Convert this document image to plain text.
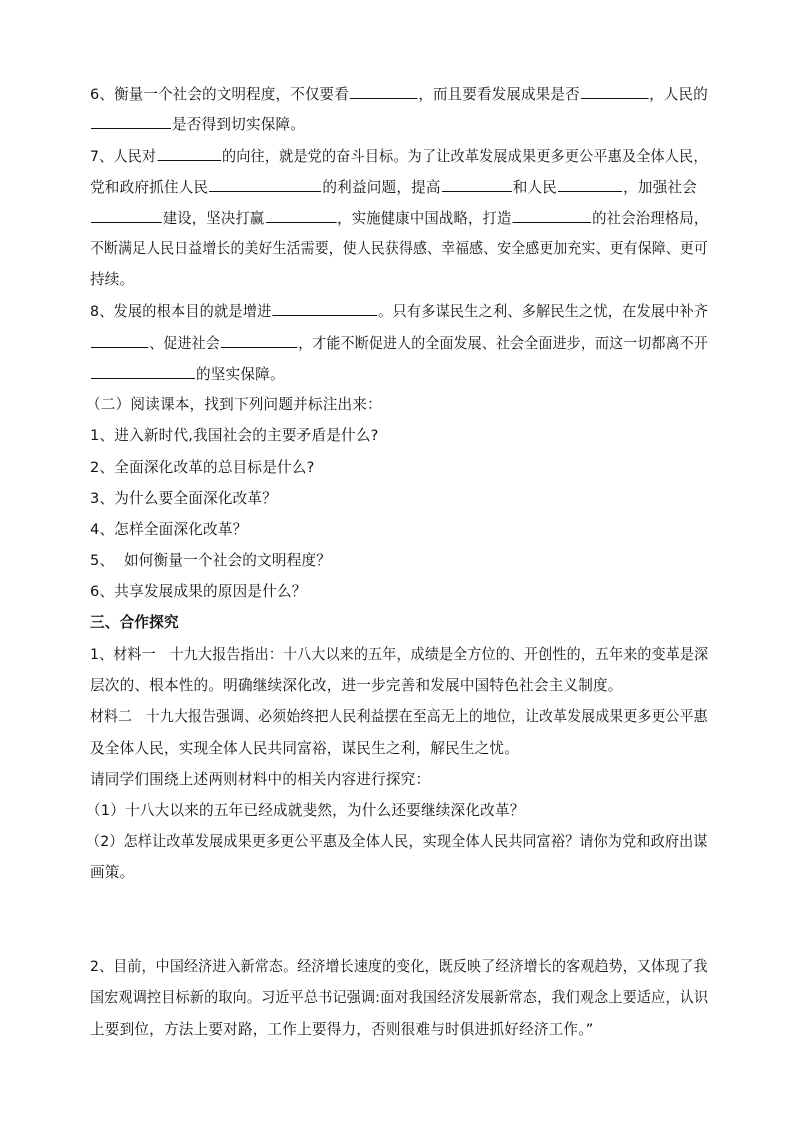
6、衡量一个社会的文明程度，不仅要看	，而且要看发展成果是否	，人民的
是否得到切实保障。
7、人民对	的向往，就是党的奋斗目标。为了让改革发展成果更多更公平惠及全体人民，
党和政府抓住人民	的利益问题，提高	和人民	，加强社会
建设，坚决打赢	，实施健康中国战略，打造	的社会治理格局，
不断满足人民日益增长的美好生活需要，使人民获得感、幸福感、安全感更加充实、更有保障、更可
持续。
8、发展的根本目的就是增进	。只有多谋民生之利、多解民生之忧，在发展中补齐
、促进社会	，才能不断促进人的全面发展、社会全面进步，而这一切都离不开
的坚实保障。
（二）阅读课本，找到下列问题并标注出来：
1、进入新时代,我国社会的主要矛盾是什么?
2、全面深化改革的总目标是什么?
3、为什么要全面深化改革？
4、怎样全面深化改革？
5、  如何衡量一个社会的文明程度？
6、共享发展成果的原因是什么？
三、合作探究
1、材料一   十九大报告指出：十八大以来的五年，成绩是全方位的、开创性的，五年来的变革是深
层次的、根本性的。明确继续深化改，进一步完善和发展中国特色社会主义制度。
材料二   十九大报告强调、必须始终把人民利益摆在至高无上的地位，让改革发展成果更多更公平惠
及全体人民，实现全体人民共同富裕，谋民生之利，解民生之忧。
请同学们围绕上述两则材料中的相关内容进行探究：
（1）十八大以来的五年已经成就斐然，为什么还要继续深化改革？
（2）怎样让改革发展成果更多更公平惠及全体人民，实现全体人民共同富裕？请你为党和政府出谋
画策。
2、目前，中国经济进入新常态。经济增长速度的变化，既反映了经济增长的客观趋势，又体现了我
国宏观调控目标新的取向。习近平总书记强调:面对我国经济发展新常态，我们观念上要适应，认识
上要到位，方法上要对路，工作上要得力，否则很难与时俱进抓好经济工作。”
